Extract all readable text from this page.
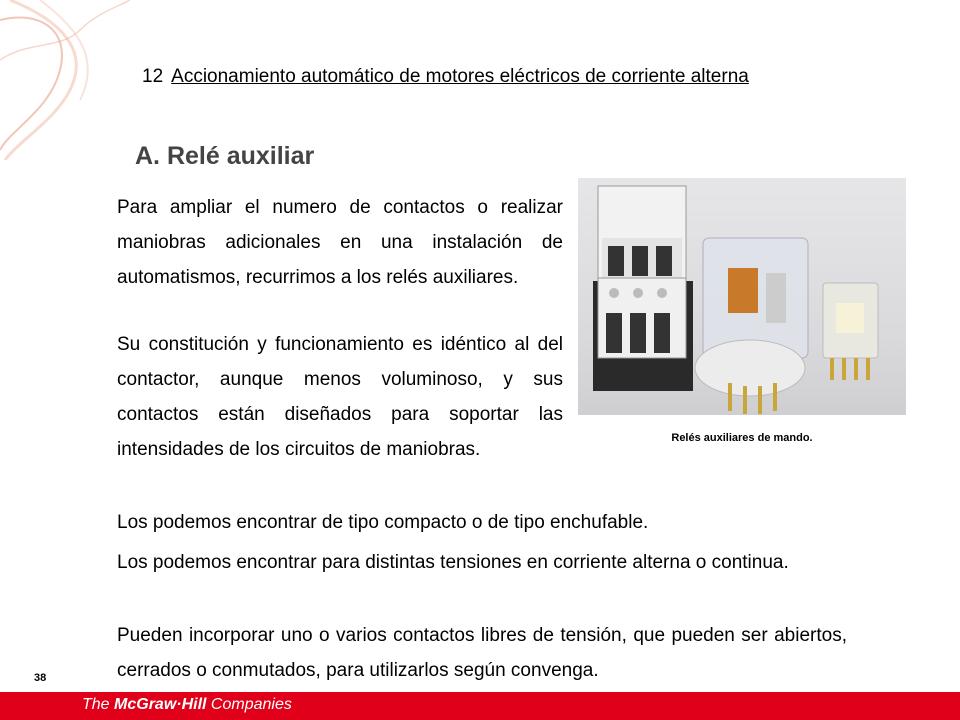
12 Accionamiento automático de motores eléctricos de corriente alterna
A. Relé auxiliar
Para ampliar el numero de contactos o realizar maniobras adicionales en una instalación de automatismos, recurrimos a los relés auxiliares.
Su constitución y funcionamiento es idéntico al del contactor, aunque menos voluminoso, y sus contactos están diseñados para soportar las intensidades de los circuitos de maniobras.
Relés auxiliares de mando.
Los podemos encontrar de tipo compacto o de tipo enchufable.
Los podemos encontrar para distintas tensiones en corriente alterna o continua.
Pueden incorporar uno o varios contactos libres de tensión, que pueden ser abiertos, cerrados o conmutados, para utilizarlos según convenga.
38
The McGraw·Hill Companies
